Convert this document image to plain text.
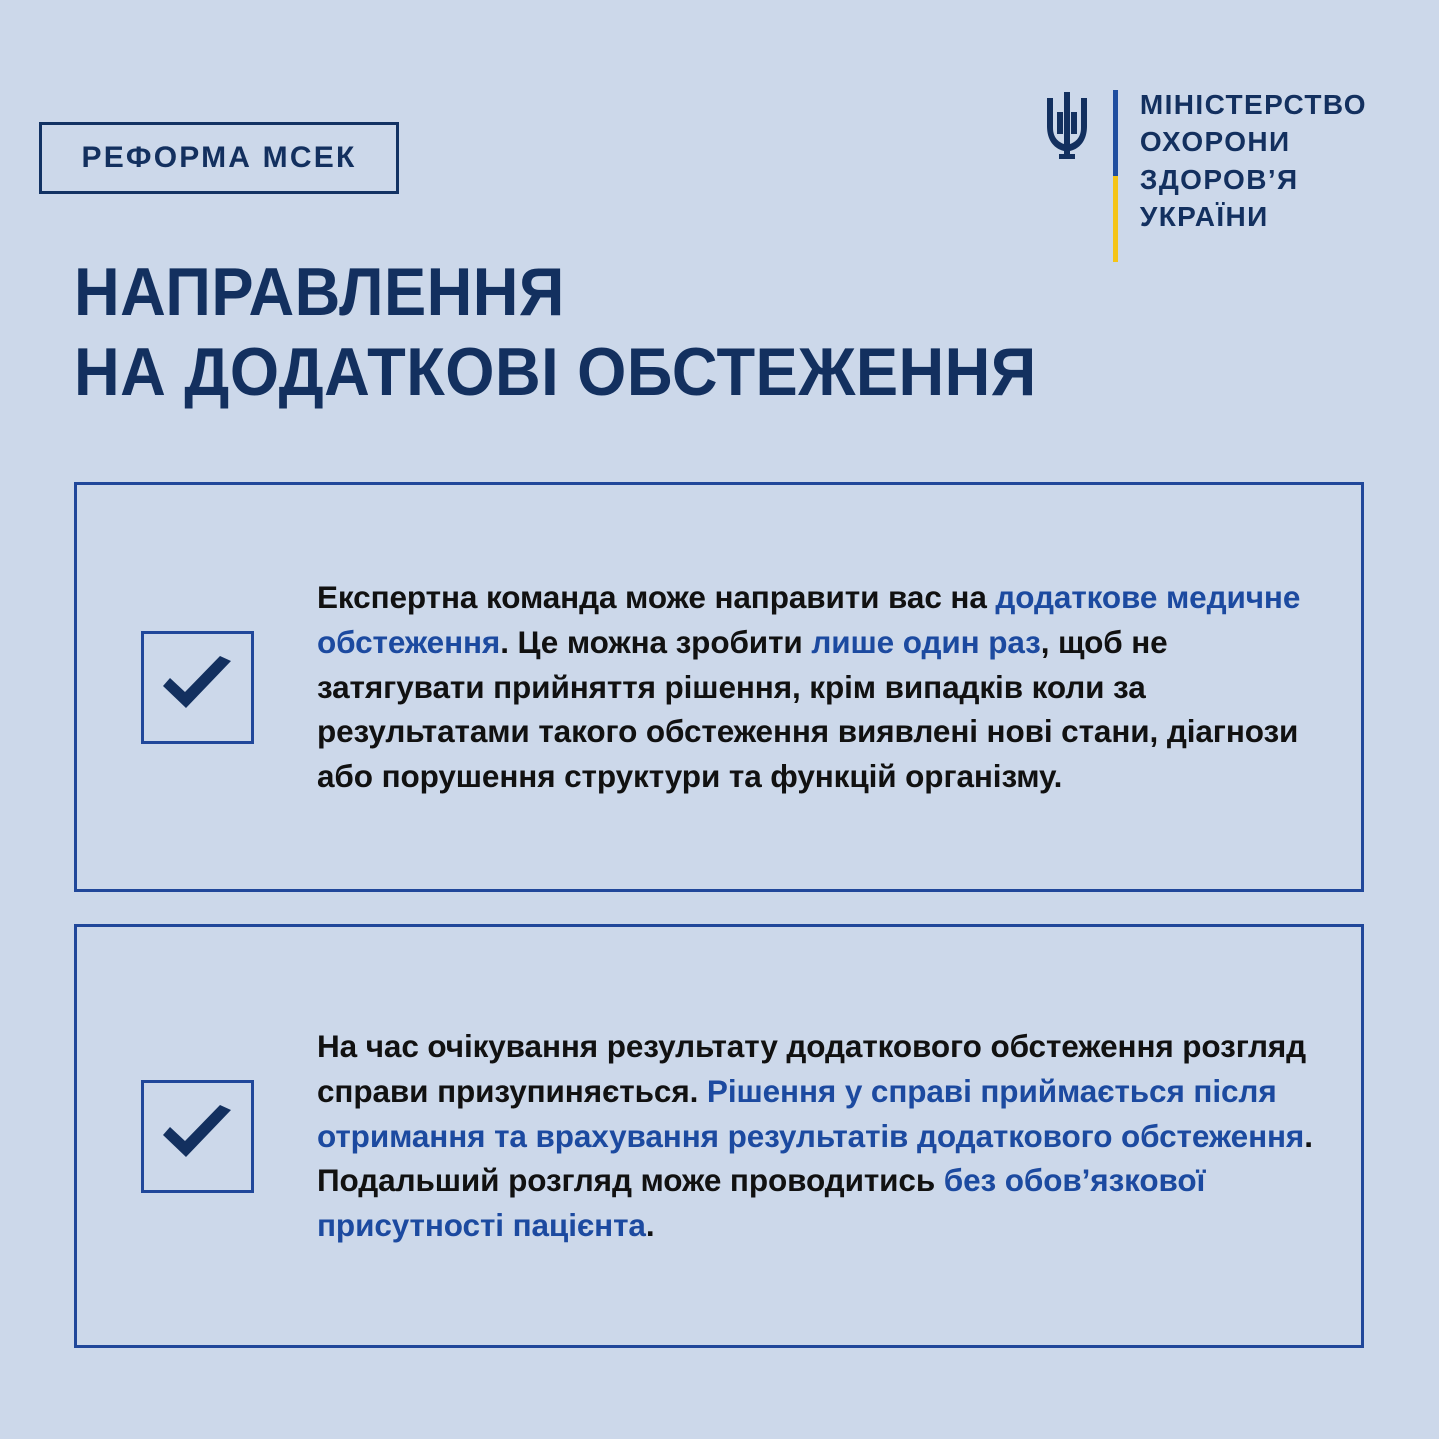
РЕФОРМА МСЕК
МІНІСТЕРСТВО
ОХОРОНИ
ЗДОРОВ’Я
УКРАЇНИ
НАПРАВЛЕННЯ
НА ДОДАТКОВІ ОБСТЕЖЕННЯ
Експертна команда може направити вас на додаткове медичне обстеження. Це можна зробити лише один раз, щоб не затягувати прийняття рішення, крім випадків коли за результатами такого обстеження виявлені нові стани, діагнози або порушення структури та функцій організму.
На час очікування результату додаткового обстеження розгляд справи призупиняється. Рішення у справі приймається після отримання та врахування результатів додаткового обстеження. Подальший розгляд може проводитись без обов’язкової присутності пацієнта.
